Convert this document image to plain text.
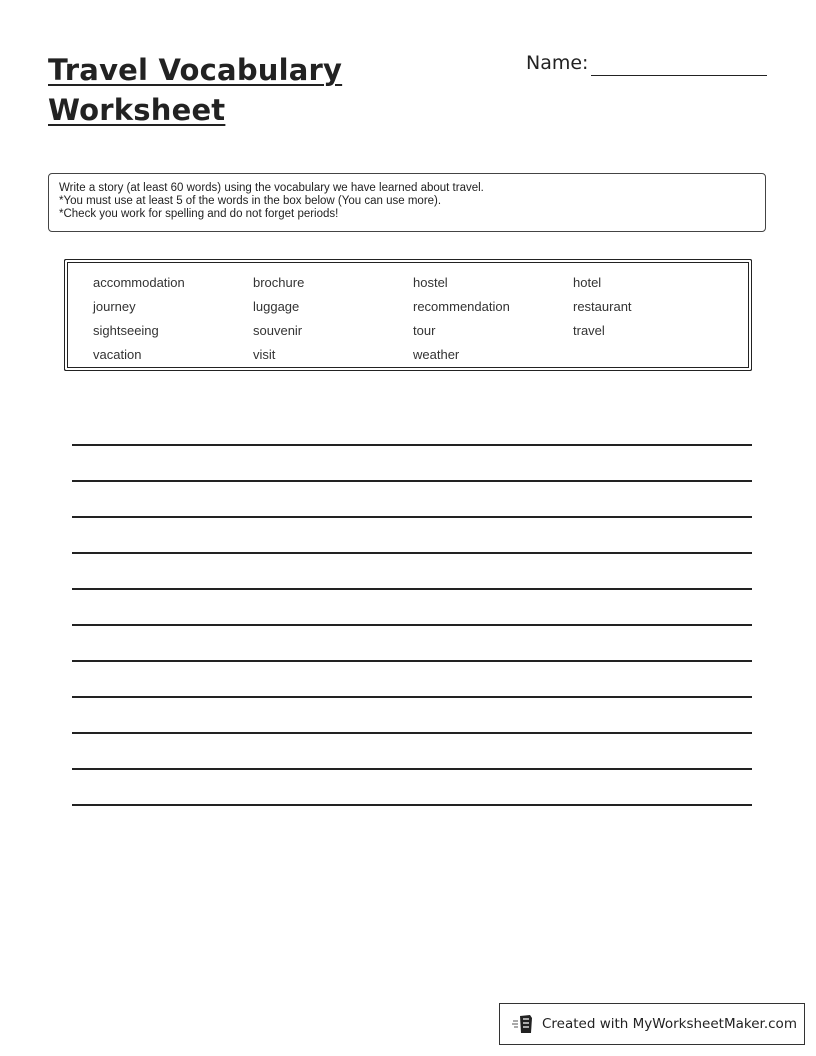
Travel Vocabulary
Worksheet
Name:
Write a story (at least 60 words) using the vocabulary we have learned about travel.
*You must use at least 5 of the words in the box below (You can use more).
*Check you work for spelling and do not forget periods!
accommodation	brochure	hostel	hotel
journey	luggage	recommendation	restaurant
sightseeing	souvenir	tour	travel
vacation	visit	weather
Created with MyWorksheetMaker.com
